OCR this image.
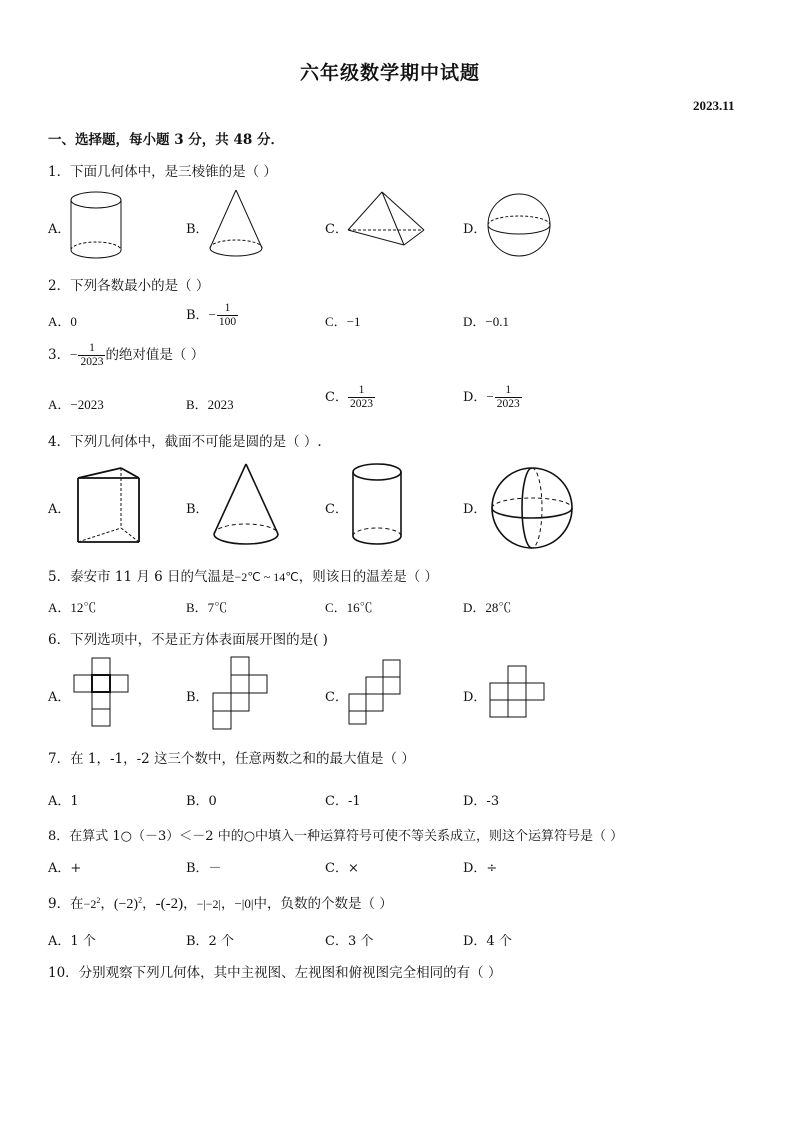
六年级数学期中试题
2023.11
一、选择题，每小题 3 分，共 48 分．
1．下面几何体中，是三棱锥的是（ ）
A．	B．	C．	D．
2．下列各数最小的是（ ）
A．0	B．− $\frac{1}{100}$	C．−1	D．−0.1
3．− $\frac{1}{2023}$ 的绝对值是（ ）
A．−2023	B．2023	C． $\frac{1}{2023}$	D．− $\frac{1}{2023}$
4．下列几何体中，截面不可能是圆的是（ ）.
A．	B．	C．	D．
5．泰安市 11 月 6 日的气温是−2℃ ~ 14℃，则该日的温差是（ ）
A．12℃	B．7℃	C．16℃	D．28℃
6．下列选项中，不是正方体表面展开图的是( )
A．	B．	C．	D．
7．在 1，-1，-2 这三个数中，任意两数之和的最大值是（ ）
A．1	B．0	C．-1	D．-3
8．在算式 1○（－3）＜－2 中的○中填入一种运算符号可使不等关系成立，则这个运算符号是（ ）
A．+	B．－	C．×	D．÷
9．在$-2^2$，$(-2)^2$，-(-2)，−|−2|，−|0|中，负数的个数是（ ）
A．1 个	B．2 个	C．3 个	D．4 个
10．分别观察下列几何体，其中主视图、左视图和俯视图完全相同的有（ ）
